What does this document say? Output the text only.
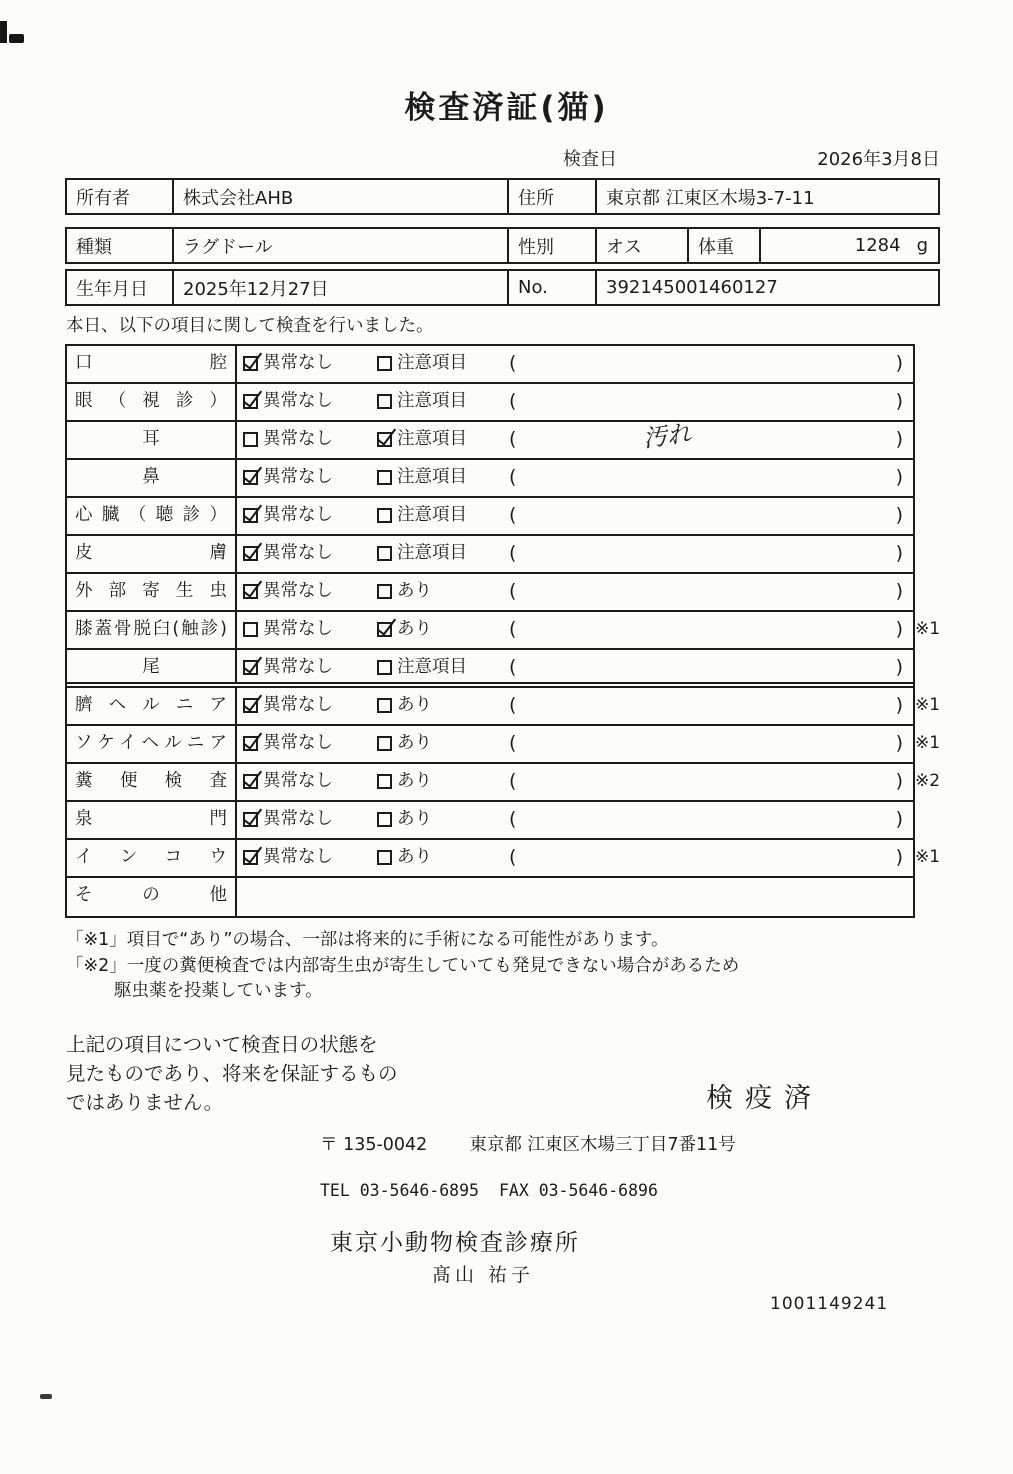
検査済証(猫)
検査日	2026年3月8日
所有者	株式会社AHB	住所	東京都 江東区木場3-7-11
種類	ラグドール	性別	オス	体重	1284 g
生年月日	2025年12月27日	No.	392145001460127
本日、以下の項目に関して検査を行いました。
口腔	異常なし	注意項目 (	)
眼（視診）	異常なし	注意項目 (	)
耳	異常なし	注意項目 (	汚れ	)
鼻	異常なし	注意項目 (	)
心臓（聴診）	異常なし	注意項目 (	)
皮膚	異常なし	注意項目 (	)
外部寄生虫	異常なし	あり	(	)
膝蓋骨脱臼(触診)	異常なし	あり	(	) ※1
尾	異常なし	注意項目 (	)
臍ヘルニア	異常なし	あり	(	) ※1
ソケイヘルニア	異常なし	あり	(	) ※1
糞便検査	異常なし	あり	(	) ※2
泉門	異常なし	あり	(	)
インコウ	異常なし	あり	(	) ※1
その他
「※1」項目で“あり”の場合、一部は将来的に手術になる可能性があります。
「※2」一度の糞便検査では内部寄生虫が寄生していても発見できない場合があるため
駆虫薬を投薬しています。
上記の項目について検査日の状態を
見たものであり、将来を保証するもの
ではありません。	検疫済
〒 135-0042 東京都 江東区木場三丁目7番11号
TEL 03-5646-6895 FAX 03-5646-6896
東京小動物検査診療所
髙山 祐子
1001149241
